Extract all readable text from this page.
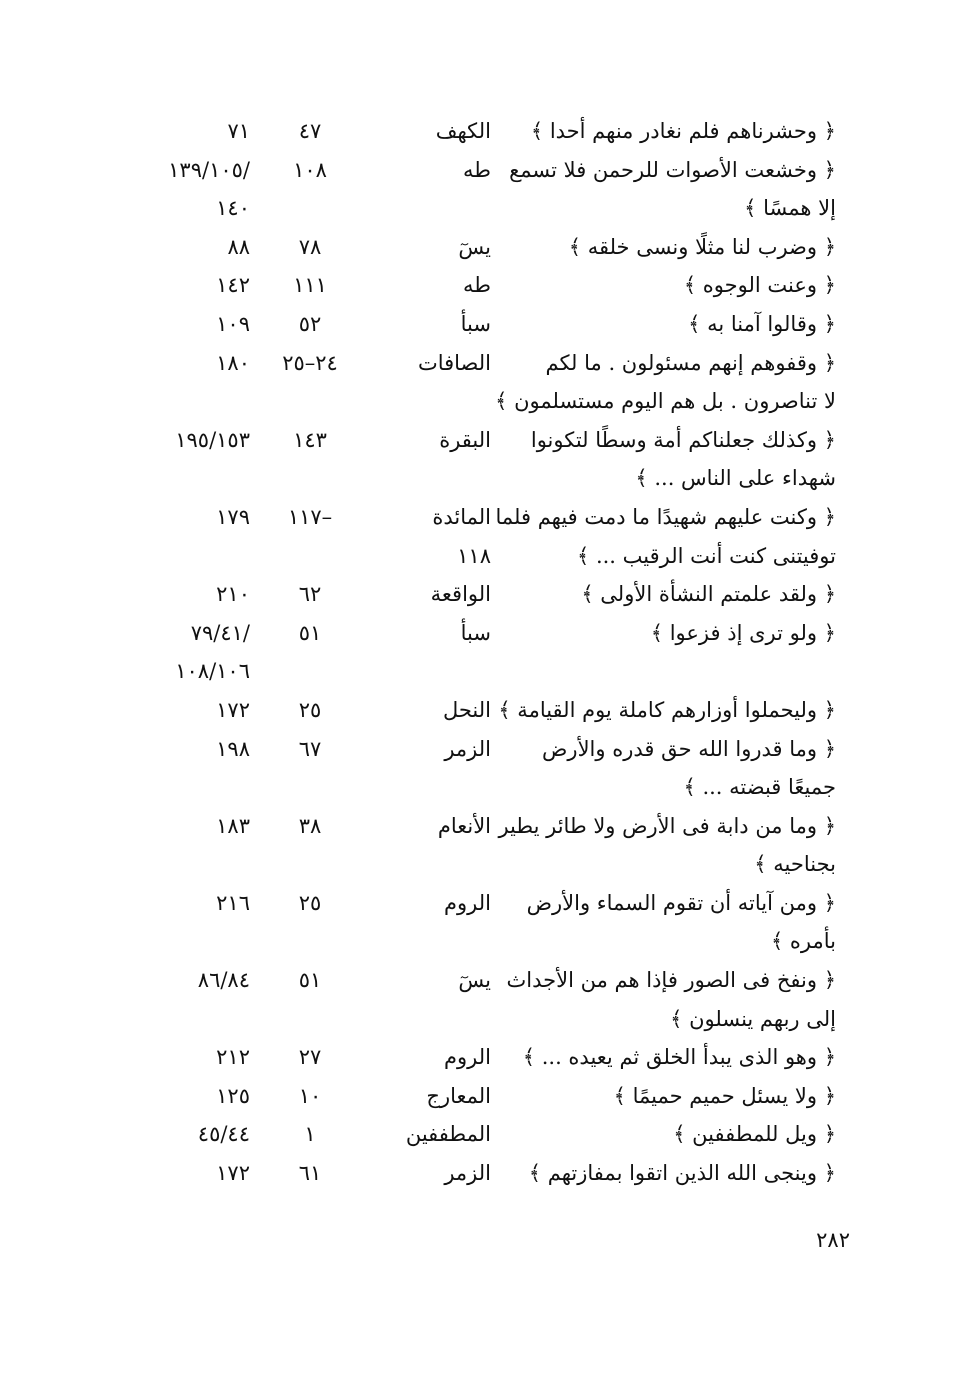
﴿ وحشرناهم فلم نغادر منهم أحدا ﴾
الكهف
٤٧
٧١
﴿ وخشعت الأصوات للرحمن فلا تسمع
طه
١٠٨
/١٣٩/١٠٥
إلا همسًا ﴾
١٤٠
﴿ وضرب لنا مثلًا ونسى خلقه ﴾
يسٓ
٧٨
٨٨
﴿ وعنت الوجوه ﴾
طه
١١١
١٤٢
﴿ وقالوا آمنا به ﴾
سبأ
٥٢
١٠٩
﴿ وقفوهم إنهم مسئولون . ما لكم
الصافات
٢٤–٢٥
١٨٠
لا تناصرون . بل هم اليوم مستسلمون ﴾
﴿ وكذلك جعلناكم أمة وسطًا لتكونوا
البقرة
١٤٣
١٩٥/١٥٣
شهداء على الناس ... ﴾
﴿ وكنت عليهم شهيدًا ما دمت فيهم فلما
المائدة
–١١٧
١٧٩
توفيتنى كنت أنت الرقيب ... ﴾
١١٨
﴿ ولقد علمتم النشأة الأولى ﴾
الواقعة
٦٢
٢١٠
﴿ ولو ترى إذ فزعوا ﴾
سبأ
٥١
/٧٩/٤١
١٠٨/١٠٦
﴿ وليحملوا أوزارهم كاملة يوم القيامة ﴾
النحل
٢٥
١٧٢
﴿ وما قدروا الله حق قدره والأرض
الزمر
٦٧
١٩٨
جميعًا قبضته ... ﴾
﴿ وما من دابة فى الأرض ولا طائر يطير
الأنعام
٣٨
١٨٣
بجناحيه ﴾
﴿ ومن آياته أن تقوم السماء والأرض
الروم
٢٥
٢١٦
بأمره ﴾
﴿ ونفخ فى الصور فإذا هم من الأجداث
يسٓ
٥١
٨٦/٨٤
إلى ربهم ينسلون ﴾
﴿ وهو الذى يبدأ الخلق ثم يعيده ... ﴾
الروم
٢٧
٢١٢
﴿ ولا يسئل حميم حميمًا ﴾
المعارج
١٠
١٢٥
﴿ ويل للمطففين ﴾
المطففين
١
٤٥/٤٤
﴿ وينجى الله الذين اتقوا بمفازتهم ﴾
الزمر
٦١
١٧٢
٢٨٢
